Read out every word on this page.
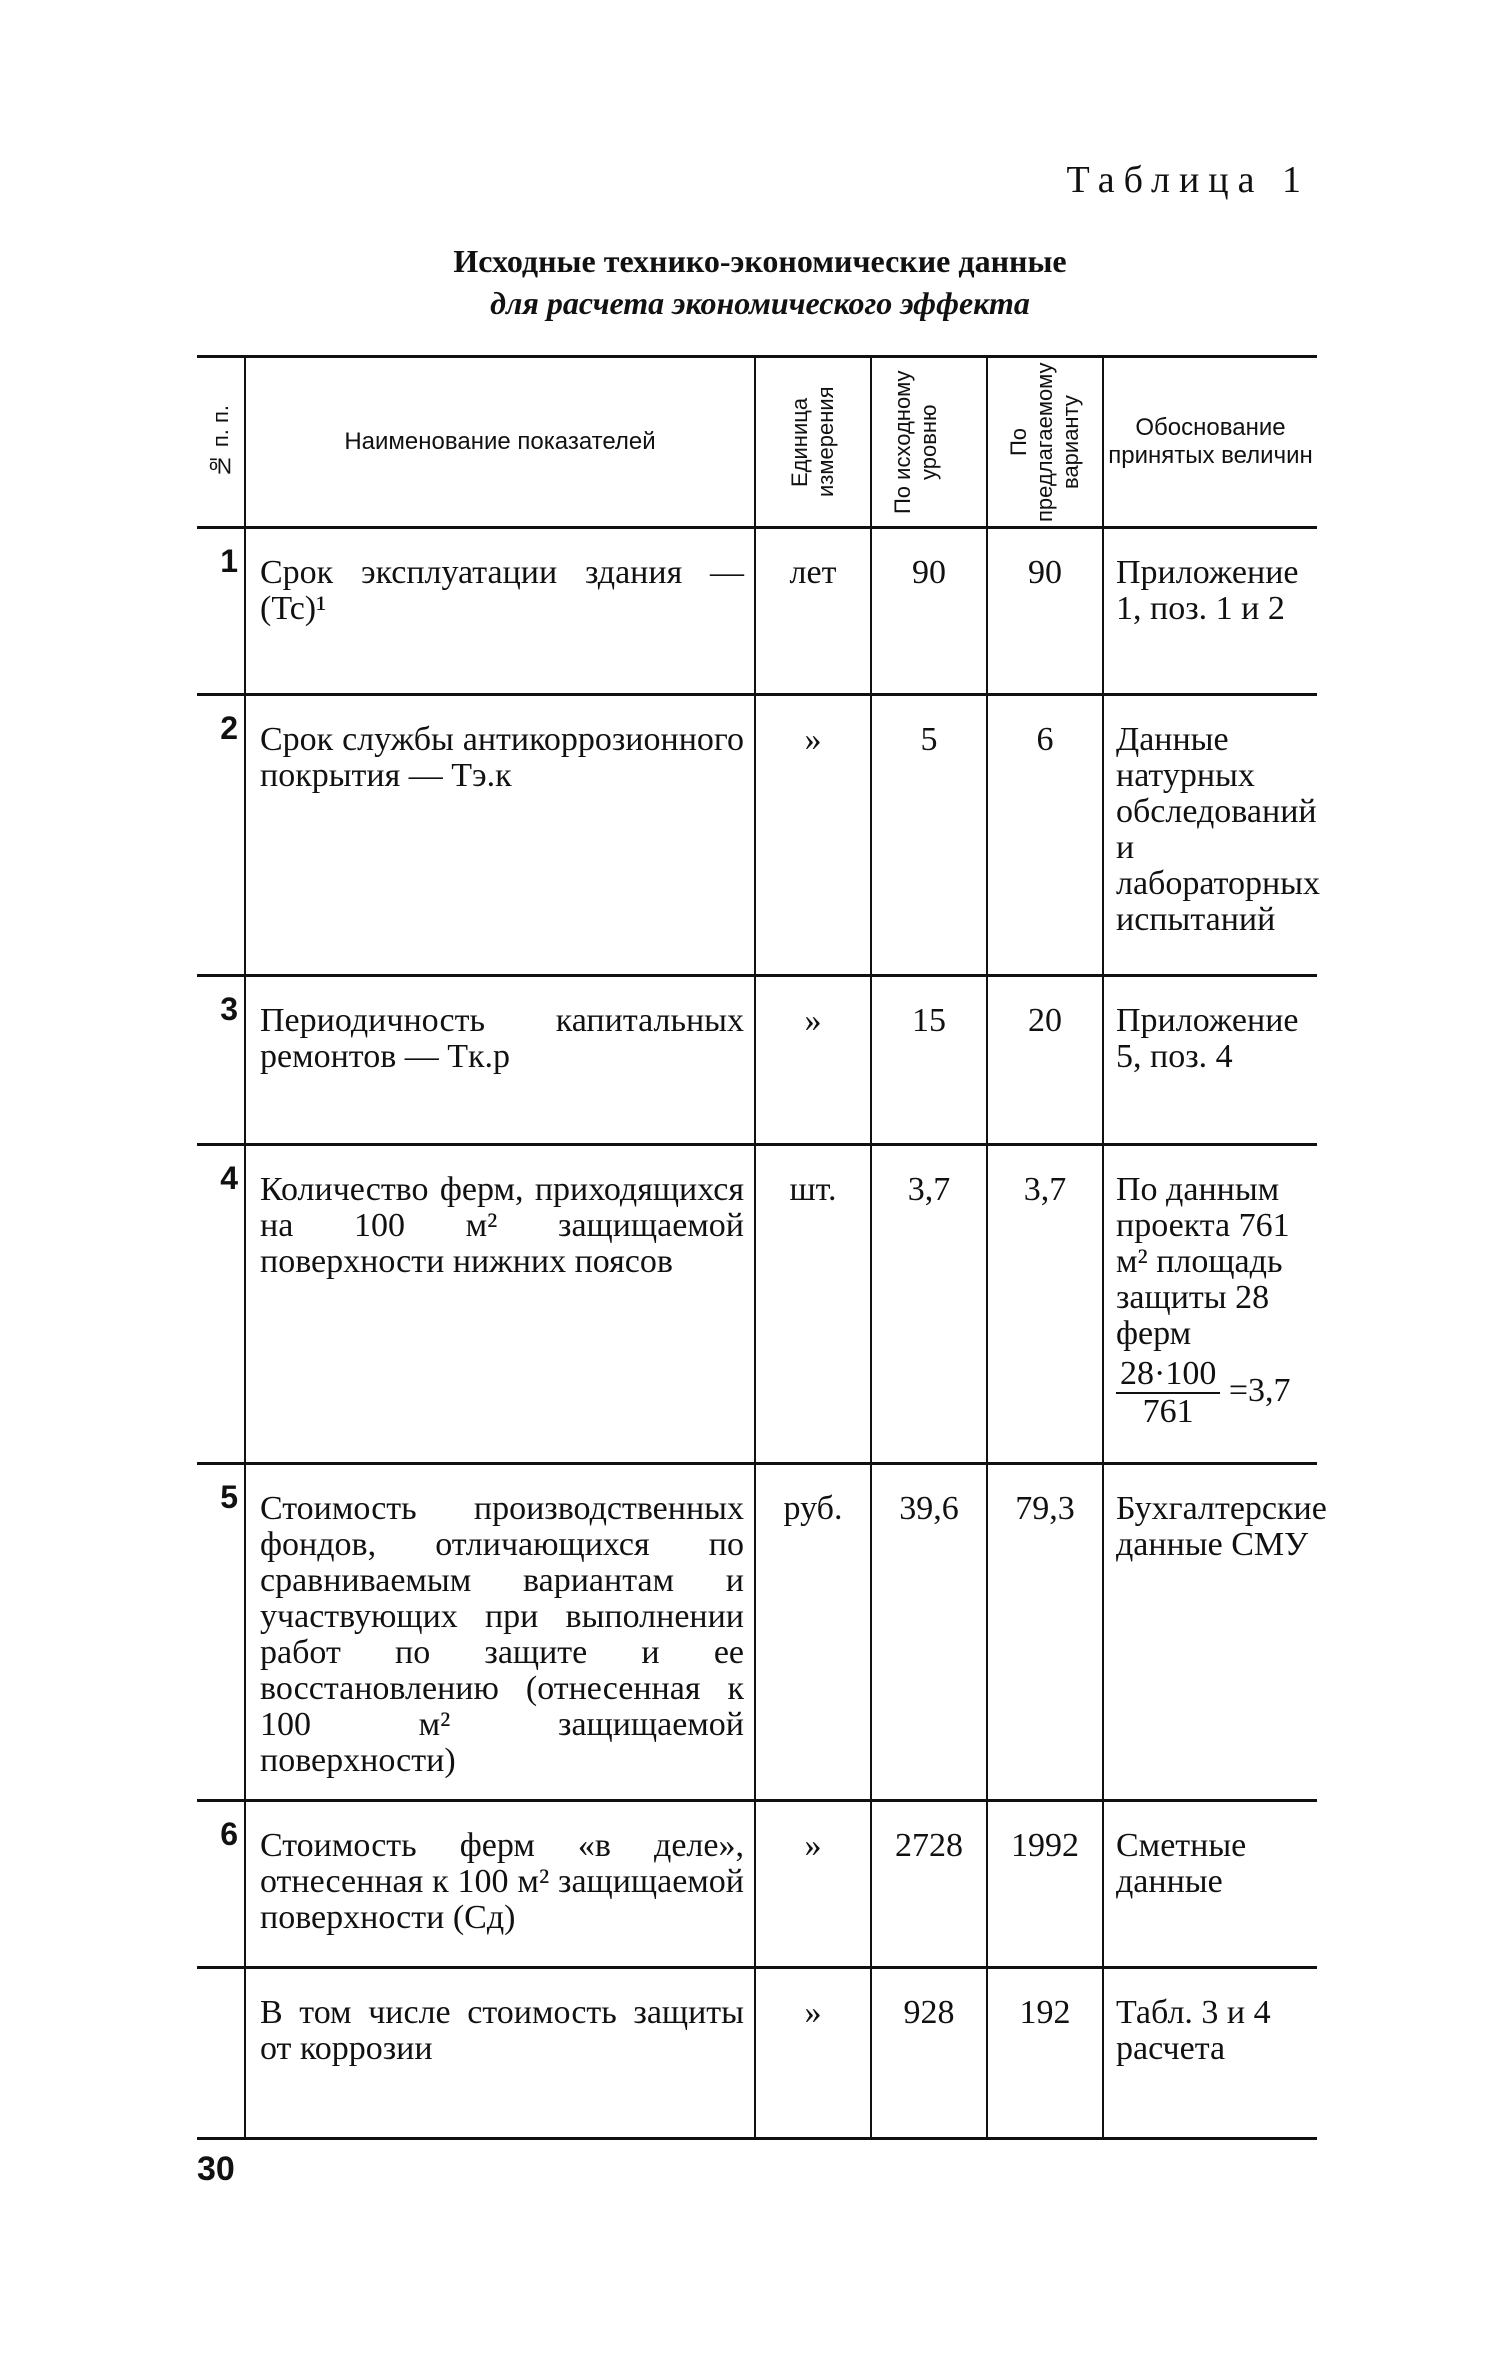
Таблица 1
Исходные технико-экономические данные
для расчета экономического эффекта
№ п. п.	Наименование показателей	Единица измерения	По исходному уровню	По предлагаемому варианту	Обоснование принятых величин

1	Срок эксплуатации здания — (Tc)¹	лет	90	90	Приложение 1, поз. 1 и 2
2	Срок службы антикоррозионного покрытия — Tэ.к	»	5	6	Данные натурных обследований и лабораторных испытаний
3	Периодичность капитальных ремонтов — Tк.р	»	15	20	Приложение 5, поз. 4
4	Количество ферм, приходящихся на 100 м² защищаемой поверхности нижних поясов	шт.	3,7	3,7	По данным проекта 761 м² площадь защиты 28 ферм
$\frac{28\cdot 100}{761} =3,7$

5	Стоимость производственных фондов, отличающихся по сравниваемым вариантам и участвующих при выполнении работ по защите и ее восстановлению (отнесенная к 100 м² защищаемой поверхности)	руб.	39,6	79,3	Бухгалтерские данные СМУ
6	Стоимость ферм «в деле», отнесенная к 100 м² защищаемой поверхности (Cд)	»	2728	1992	Сметные данные
	В том числе стоимость защиты от коррозии	»	928	192	Табл. 3 и 4 расчета
30
